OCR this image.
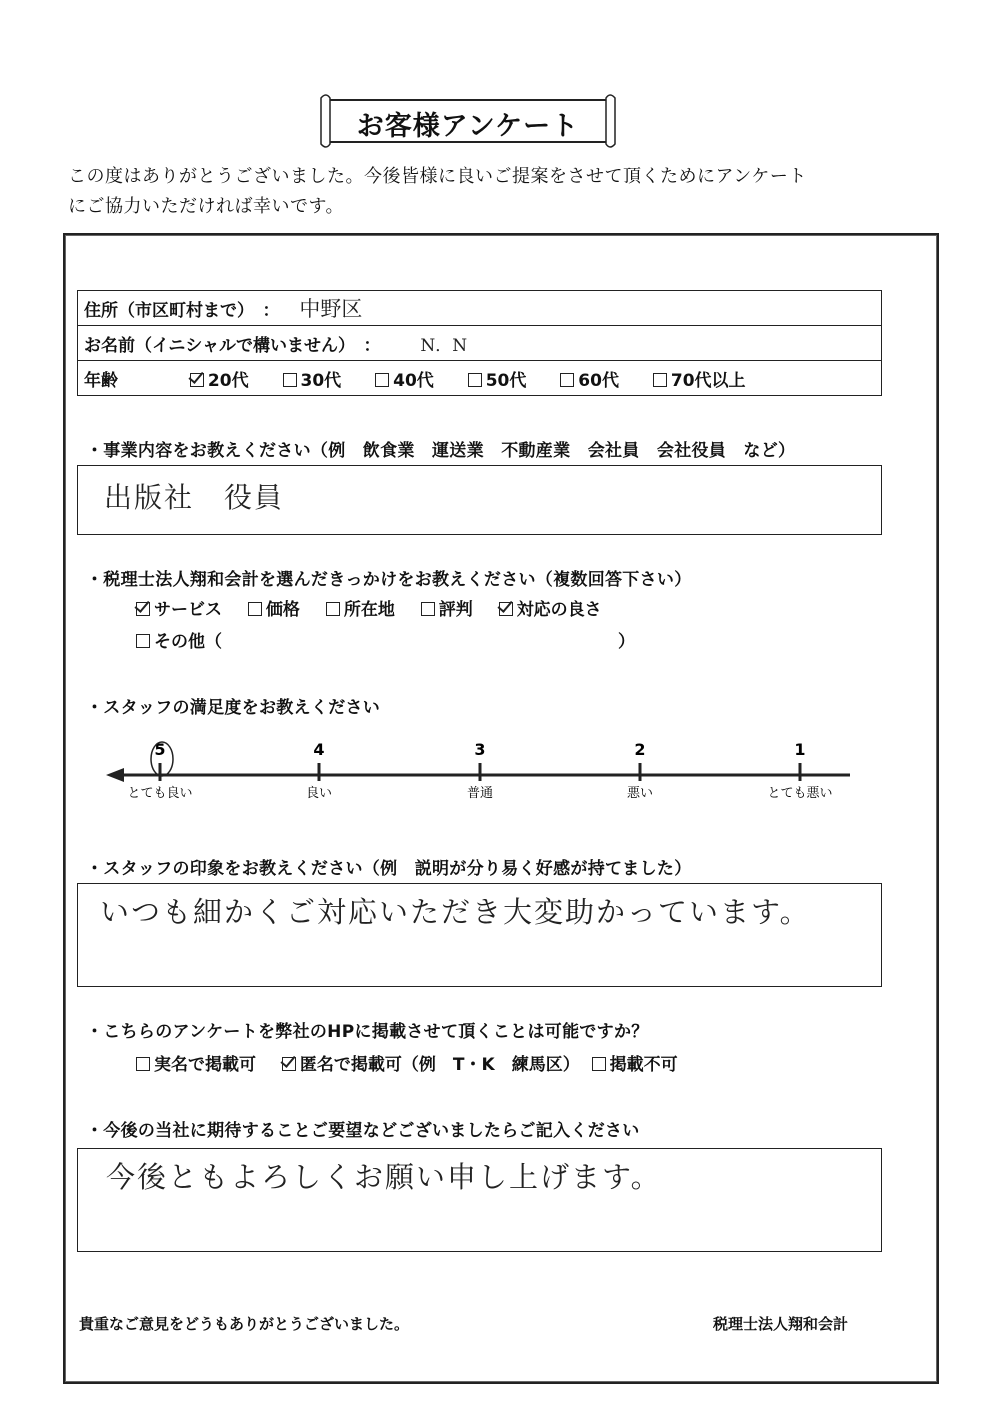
お客様アンケート
この度はありがとうございました。今後皆様に良いご提案をさせて頂くためにアンケート
にご協力いただければ幸いです。
住所（市区町村まで）　： 中野区
お名前（イニシャルで構いません）　： N．N
年齢	20代	30代	40代	50代	60代	70代以上
・事業内容をお教えください（例　飲食業　運送業　不動産業　会社員　会社役員　など）
出版社　役員
・税理士法人翔和会計を選んだきっかけをお教えください（複数回答下さい）
サービス	価格	所在地	評判	対応の良さ
その他（	）
・スタッフの満足度をお教えください
5	4	3	2	1
とても良い	良い	普通	悪い	とても悪い
・スタッフの印象をお教えください（例　説明が分り易く好感が持てました）
いつも細かくご対応いただき大変助かっています。
・こちらのアンケートを弊社のHPに掲載させて頂くことは可能ですか？
実名で掲載可	匿名で掲載可（例　T・K　練馬区） 掲載不可
・今後の当社に期待することご要望などございましたらご記入ください
今後ともよろしくお願い申し上げます。
貴重なご意見をどうもありがとうございました。	税理士法人翔和会計
